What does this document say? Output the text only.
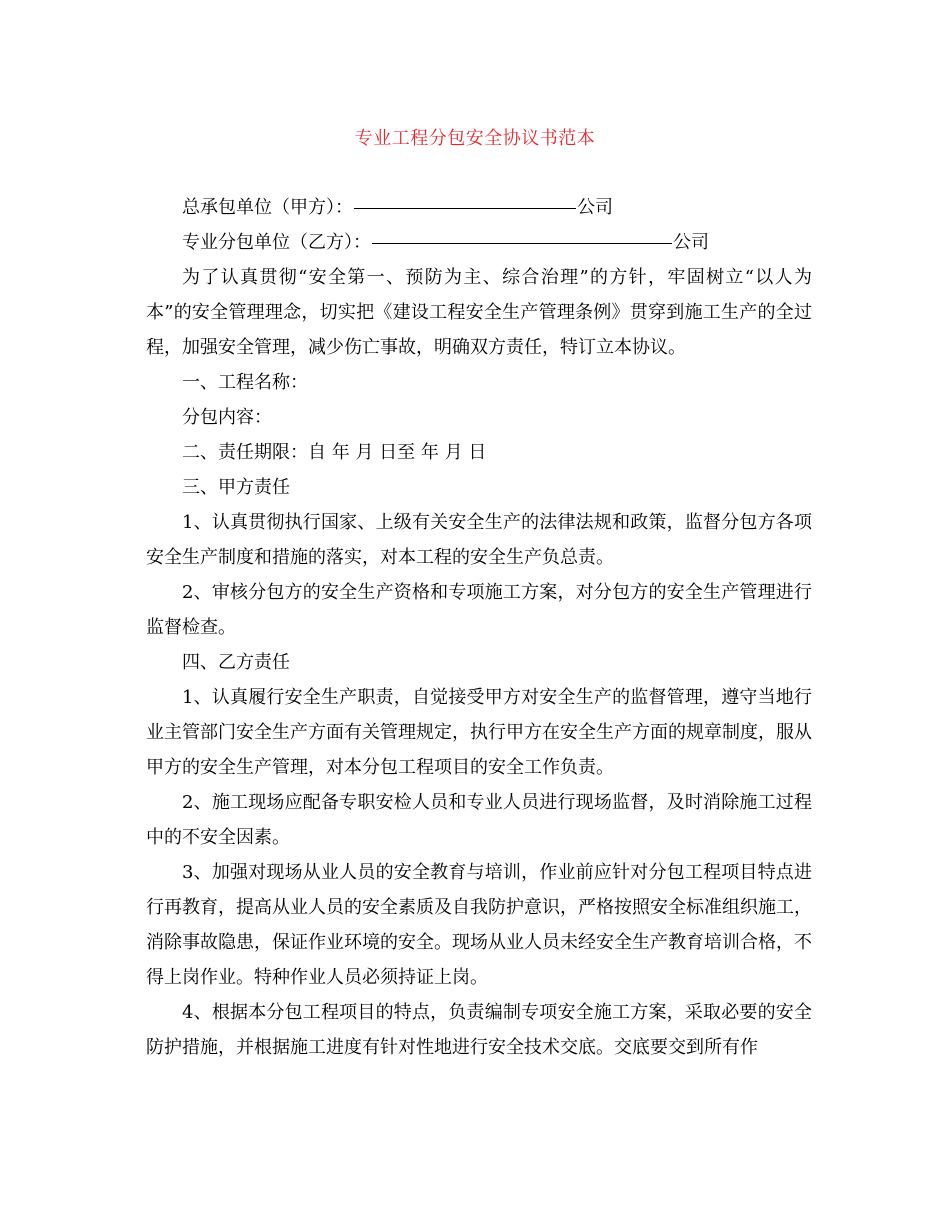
专业工程分包安全协议书范本

总承包单位（甲方）：	公司

专业分包单位（乙方）：	公司

为了认真贯彻“安全第一、预防为主、综合治理”的方针，牢固树立“以人为本”的安全管理理念，切实把《建设工程安全生产管理条例》贯穿到施工生产的全过程，加强安全管理，减少伤亡事故，明确双方责任，特订立本协议。

一、工程名称：

分包内容：

二、责任期限：自 年 月 日至 年 月 日

三、甲方责任

1、认真贯彻执行国家、上级有关安全生产的法律法规和政策，监督分包方各项安全生产制度和措施的落实，对本工程的安全生产负总责。

2、审核分包方的安全生产资格和专项施工方案，对分包方的安全生产管理进行监督检查。

四、乙方责任

1、认真履行安全生产职责，自觉接受甲方对安全生产的监督管理，遵守当地行业主管部门安全生产方面有关管理规定，执行甲方在安全生产方面的规章制度，服从甲方的安全生产管理，对本分包工程项目的安全工作负责。

2、施工现场应配备专职安检人员和专业人员进行现场监督，及时消除施工过程中的不安全因素。

3、加强对现场从业人员的安全教育与培训，作业前应针对分包工程项目特点进行再教育，提高从业人员的安全素质及自我防护意识，严格按照安全标准组织施工，消除事故隐患，保证作业环境的安全。现场从业人员未经安全生产教育培训合格，不得上岗作业。特种作业人员必须持证上岗。

4、根据本分包工程项目的特点，负责编制专项安全施工方案，采取必要的安全防护措施，并根据施工进度有针对性地进行安全技术交底。交底要交到所有作
